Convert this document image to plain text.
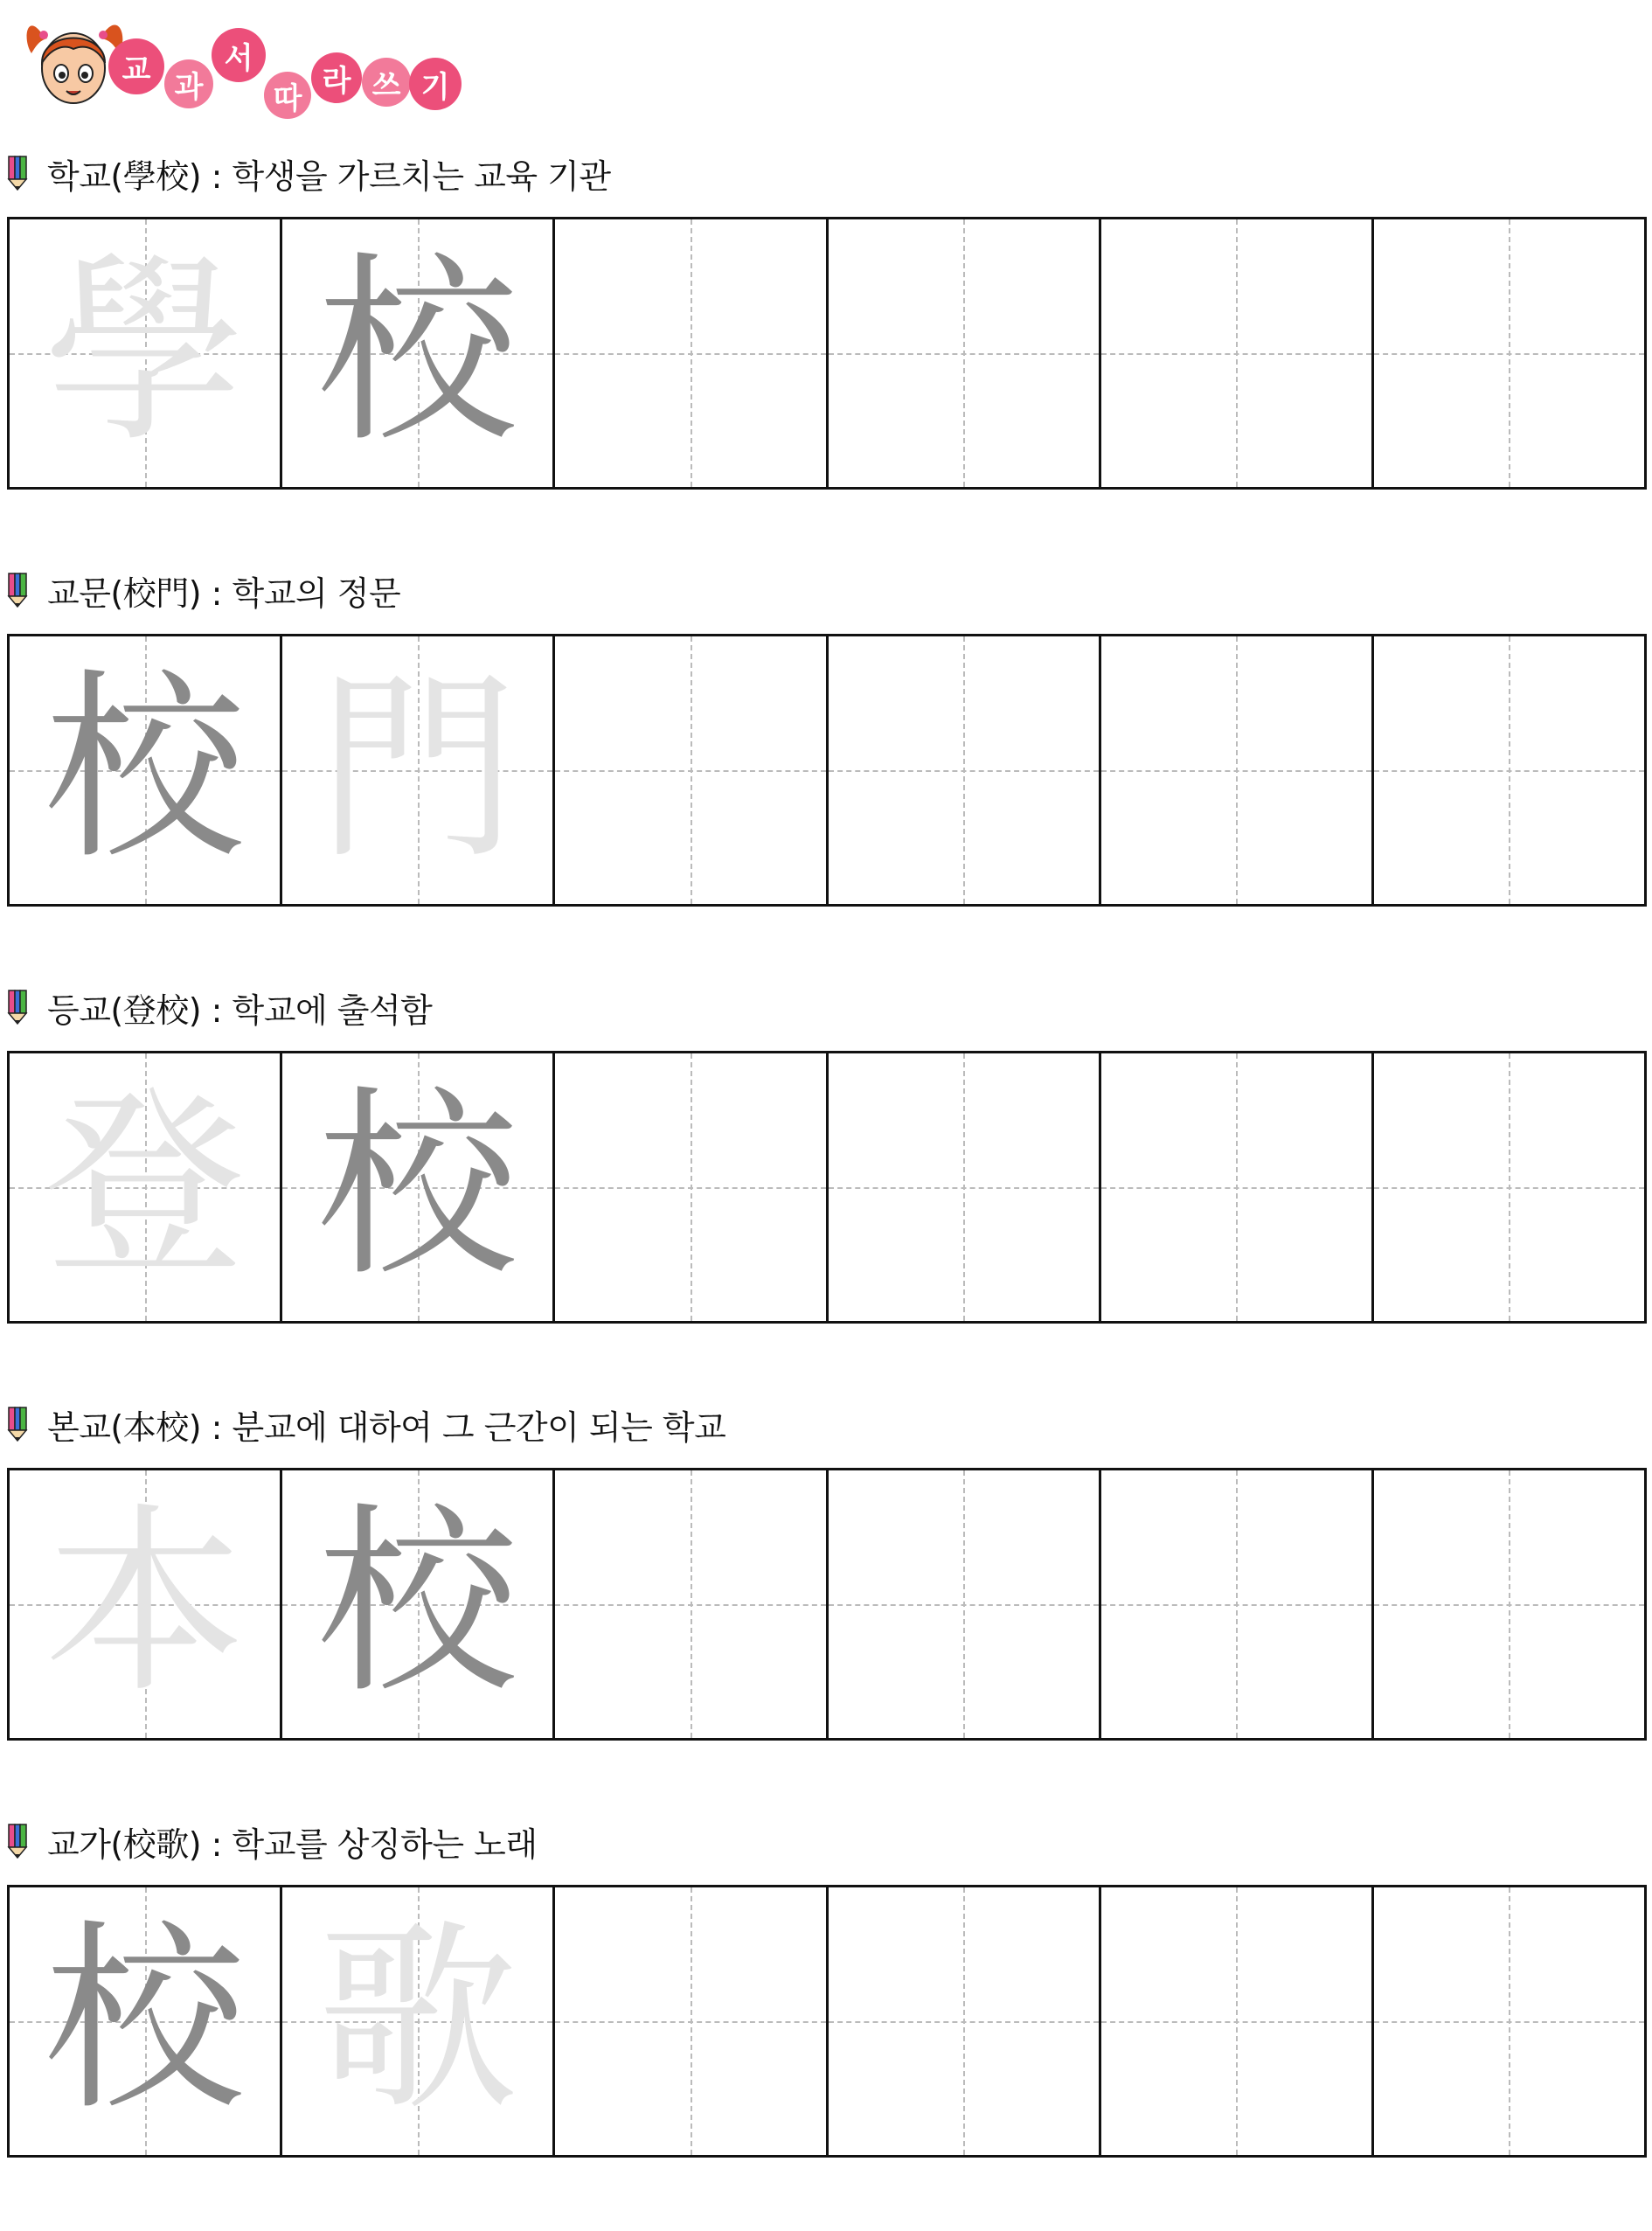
교 과
서
따 라 쓰 기
학교(學校) : 학생을 가르치는 교육 기관
學 校
교문(校門) : 학교의 정문
校 門
등교(登校) : 학교에 출석함
登 校
본교(本校) : 분교에 대하여 그 근간이 되는 학교
本 校
교가(校歌) : 학교를 상징하는 노래
校 歌
